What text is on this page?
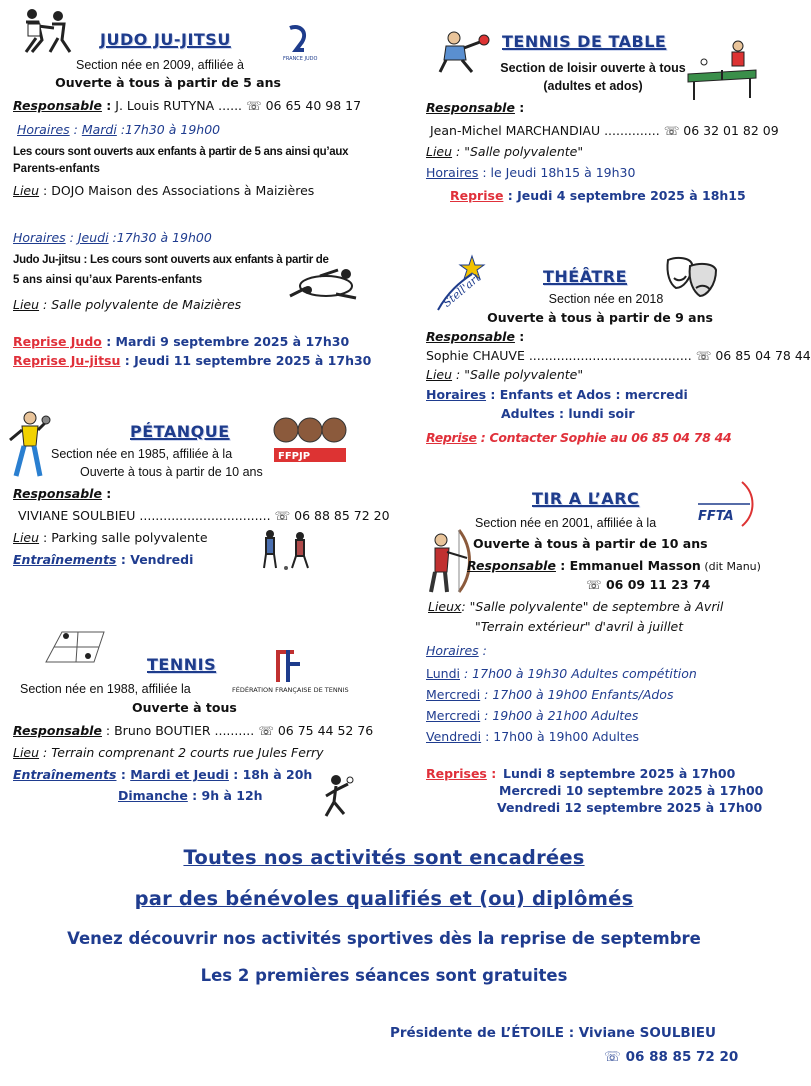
JUDO JU-JITSU
FRANCE JUDO
Section née en 2009, affiliée à
Ouverte à tous à partir de 5 ans
Responsable : J. Louis RUTYNA ...... ☏ 06 65 40 98 17
Horaires : Mardi :17h30 à 19h00
Les cours sont ouverts aux enfants à partir de 5 ans ainsi qu’aux
Parents-enfants
Lieu : DOJO Maison des Associations à Maizières
Horaires : Jeudi :17h30 à 19h00
Judo Ju-jitsu : Les cours sont ouverts aux enfants à partir de
5 ans ainsi qu’aux Parents-enfants
Lieu : Salle polyvalente de Maizières
Reprise Judo : Mardi 9 septembre 2025 à 17h30
Reprise Ju-jitsu : Jeudi 11 septembre 2025 à 17h30
TENNIS DE TABLE
Section de loisir ouverte à tous
(adultes et ados)
Responsable :
Jean-Michel MARCHANDIAU .............. ☏ 06 32 01 82 09
Lieu : "Salle polyvalente"
Horaires : le Jeudi 18h15 à 19h30
Reprise : Jeudi 4 septembre 2025 à 18h15
Stell'art	THÉÂTRE
Section née en 2018
Ouverte à tous à partir de 9 ans
Responsable :
Sophie CHAUVE ......................................... ☏ 06 85 04 78 44
Lieu : "Salle polyvalente"
Horaires : Enfants et Ados : mercredi
Adultes : lundi soir
Reprise : Contacter Sophie au 06 85 04 78 44
PÉTANQUE
FFPJP
Section née en 1985, affiliée à la
Ouverte à tous à partir de 10 ans
Responsable :
VIVIANE SOULBIEU ................................. ☏ 06 88 85 72 20
Lieu : Parking salle polyvalente
Entraînements : Vendredi
TIR A L’ARC
FFTA
Section née en 2001, affiliée à la
Ouverte à tous à partir de 10 ans
Responsable : Emmanuel Masson (dit Manu)
☏ 06 09 11 23 74
Lieux: "Salle polyvalente" de septembre à Avril
"Terrain extérieur" d'avril à juillet
Horaires :
Lundi : 17h00 à 19h30 Adultes compétition
Mercredi : 17h00 à 19h00 Enfants/Ados
Mercredi : 19h00 à 21h00 Adultes
Vendredi : 17h00 à 19h00 Adultes
Reprises : Lundi 8 septembre 2025 à 17h00
Mercredi 10 septembre 2025 à 17h00
Vendredi 12 septembre 2025 à 17h00
TENNIS
FÉDÉRATION FRANÇAISE DE TENNIS
Section née en 1988, affiliée la
Ouverte à tous
Responsable : Bruno BOUTIER .......... ☏ 06 75 44 52 76
Lieu : Terrain comprenant 2 courts rue Jules Ferry
Entraînements : Mardi et Jeudi : 18h à 20h
Dimanche : 9h à 12h
Toutes nos activités sont encadrées
par des bénévoles qualifiés et (ou) diplômés
Venez découvrir nos activités sportives dès la reprise de septembre
Les 2 premières séances sont gratuites
Présidente de L’ÉTOILE : Viviane SOULBIEU
☏ 06 88 85 72 20
